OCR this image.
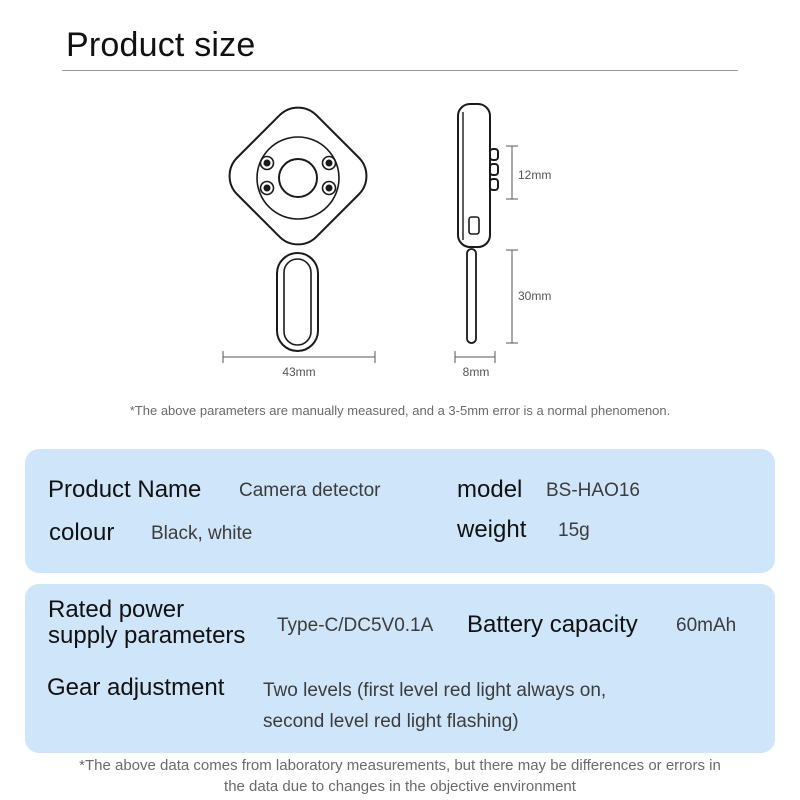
Product size
43mm	8mm
12mm
30mm
*The above parameters are manually measured, and a 3-5mm error is a normal phenomenon.
Product Name Camera detector	model BS-HAO16
colour Black, white	weight 15g
Rated power
supply parameters Type-C/DC5V0.1A Battery capacity 60mAh
Gear adjustment Two levels (first level red light always on,
second level red light flashing)
*The above data comes from laboratory measurements, but there may be differences or errors in
the data due to changes in the objective environment
